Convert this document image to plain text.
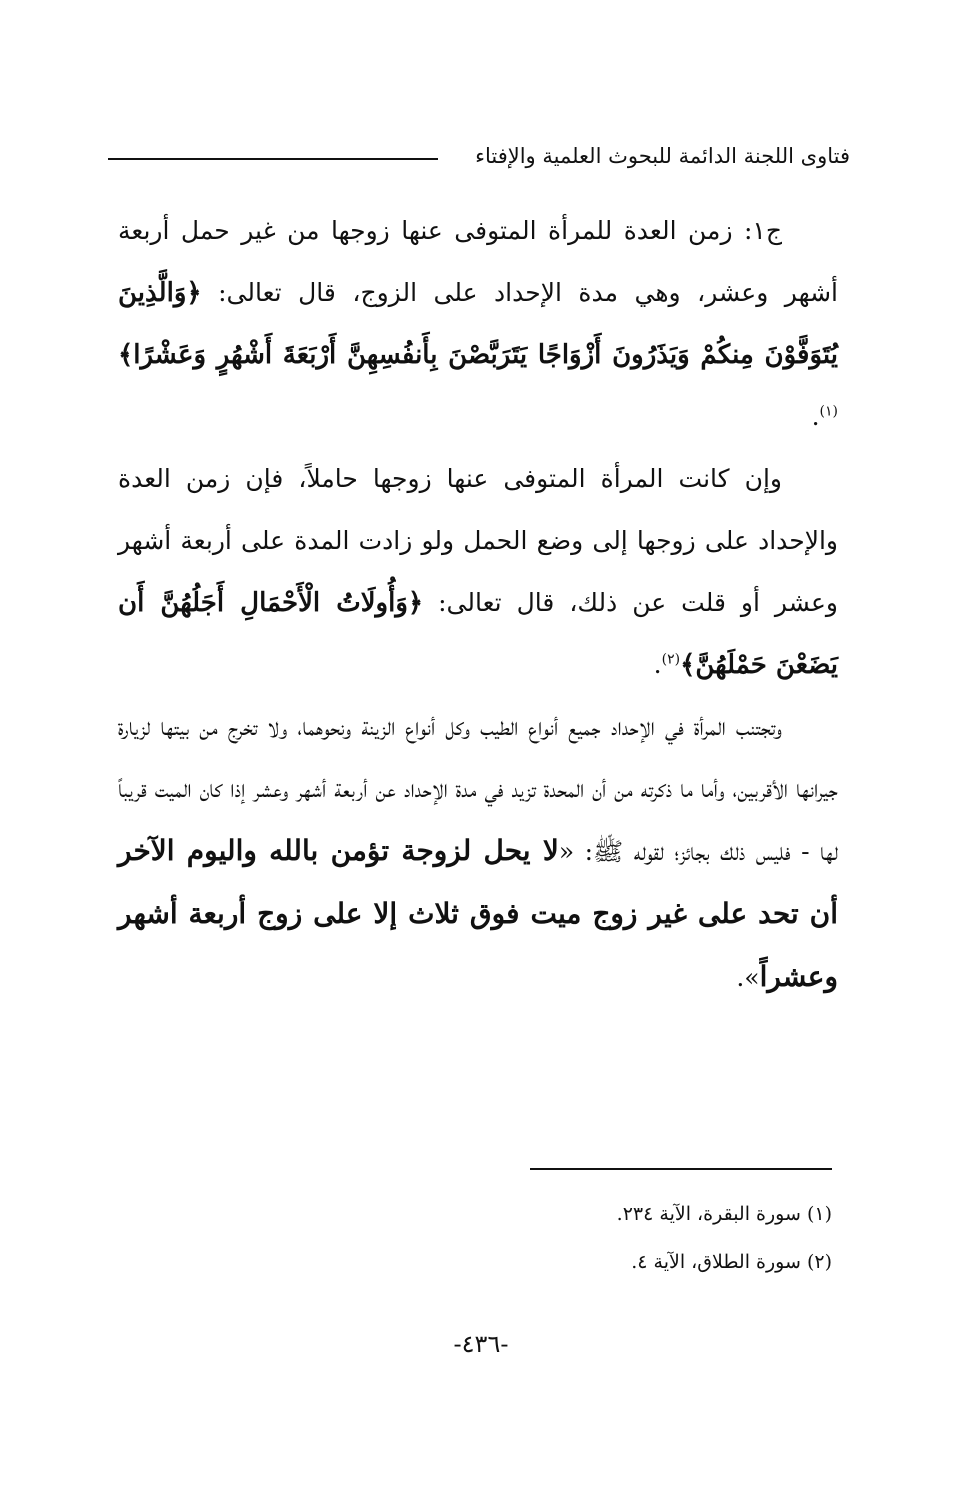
فتاوى اللجنة الدائمة للبحوث العلمية والإفتاء

ج١: زمن العدة للمرأة المتوفى عنها زوجها من غير حمل أربعة أشهر وعشر، وهي مدة الإحداد على الزوج، قال تعالى: ﴿وَالَّذِينَ يُتَوَفَّوْنَ مِنكُمْ وَيَذَرُونَ أَزْوَاجًا يَتَرَبَّصْنَ بِأَنفُسِهِنَّ أَرْبَعَةَ أَشْهُرٍ وَعَشْرًا﴾$^{(١)}$.

وإن كانت المرأة المتوفى عنها زوجها حاملاً، فإن زمن العدة والإحداد على زوجها إلى وضع الحمل ولو زادت المدة على أربعة أشهر وعشر أو قلت عن ذلك، قال تعالى: ﴿وَأُولَاتُ الْأَحْمَالِ أَجَلُهُنَّ أَن يَضَعْنَ حَمْلَهُنَّ﴾$^{(٢)}$.

وتجتنب المرأة في الإحداد جميع أنواع الطيب وكل أنواع الزينة ونحوهما، ولا تخرج من بيتها لزيارة جيرانها الأقربين، وأما ما ذكرته من أن المحدة تزيد في مدة الإحداد عن أربعة أشهر وعشر إذا كان الميت قريباً لها - فليس ذلك بجائز؛ لقوله ﷺ: «لا يحل لزوجة تؤمن بالله واليوم الآخر أن تحد على غير زوج ميت فوق ثلاث إلا على زوج أربعة أشهر وعشراً».

(١) سورة البقرة، الآية ٢٣٤.

(٢) سورة الطلاق، الآية ٤.

-٤٣٦-
